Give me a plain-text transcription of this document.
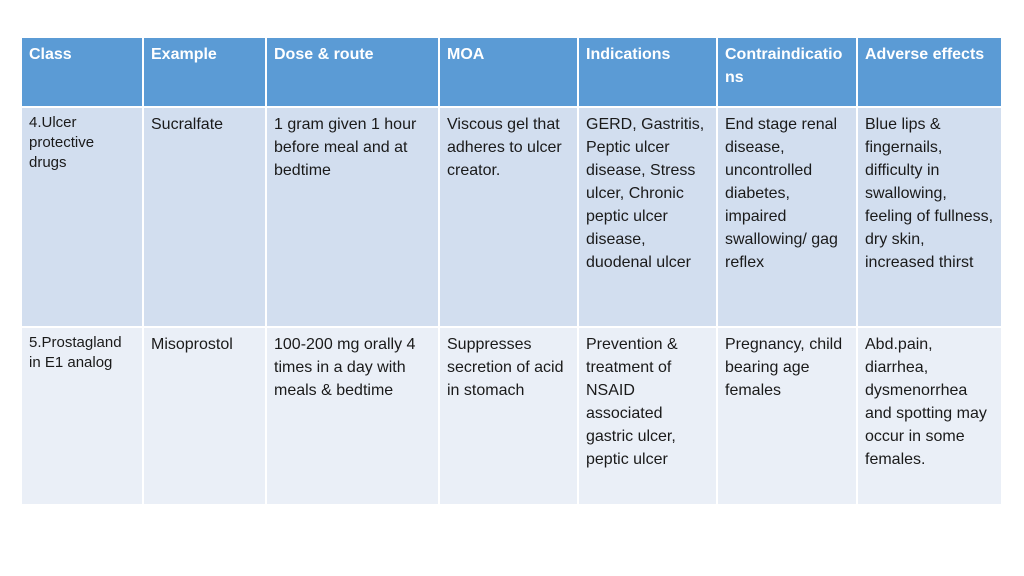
Class	Example	Dose & route	MOA	Indications	Contraindications	Adverse effects
4.Ulcer protective drugs	Sucralfate	1 gram given 1 hour before meal and at bedtime	Viscous gel that adheres to ulcer creator.	GERD, Gastritis, Peptic ulcer disease, Stress ulcer, Chronic peptic ulcer disease, duodenal ulcer	End stage renal disease, uncontrolled diabetes, impaired swallowing/ gag reflex	Blue lips & fingernails, difficulty in swallowing, feeling of fullness, dry skin, increased thirst
5.Prostagland in E1 analog	Misoprostol	100-200 mg orally 4 times in a day with meals & bedtime	Suppresses secretion of acid in stomach	Prevention & treatment of NSAID associated gastric ulcer, peptic ulcer	Pregnancy, child bearing age females	Abd.pain, diarrhea, dysmenorrhea and spotting may occur in some females.
